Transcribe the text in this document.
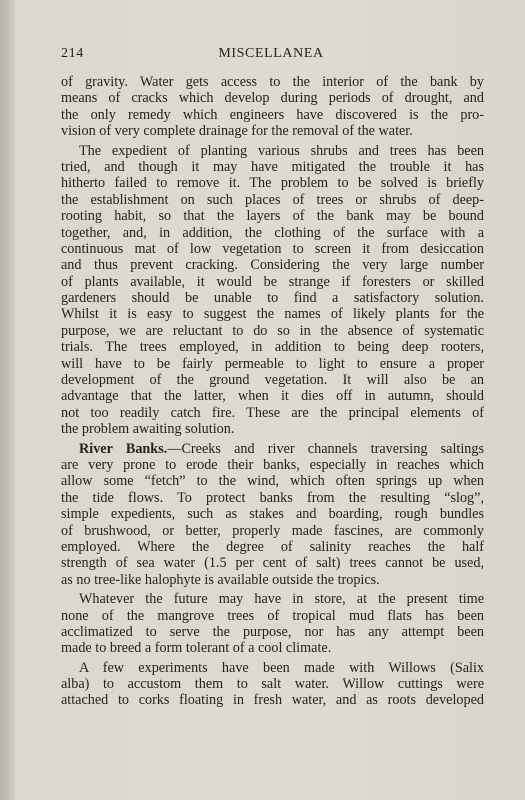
214	MISCELLANEA
of gravity. Water gets access to the interior of the bank by
means of cracks which develop during periods of drought, and
the only remedy which engineers have discovered is the pro-
vision of very complete drainage for the removal of the water.
The expedient of planting various shrubs and trees has been
tried, and though it may have mitigated the trouble it has
hitherto failed to remove it. The problem to be solved is briefly
the establishment on such places of trees or shrubs of deep-
rooting habit, so that the layers of the bank may be bound
together, and, in addition, the clothing of the surface with a
continuous mat of low vegetation to screen it from desiccation
and thus prevent cracking. Considering the very large number
of plants available, it would be strange if foresters or skilled
gardeners should be unable to find a satisfactory solution.
Whilst it is easy to suggest the names of likely plants for the
purpose, we are reluctant to do so in the absence of systematic
trials. The trees employed, in addition to being deep rooters,
will have to be fairly permeable to light to ensure a proper
development of the ground vegetation. It will also be an
advantage that the latter, when it dies off in autumn, should
not too readily catch fire. These are the principal elements of
the problem awaiting solution.
River Banks.—Creeks and river channels traversing saltings
are very prone to erode their banks, especially in reaches which
allow some “fetch” to the wind, which often springs up when
the tide flows. To protect banks from the resulting “slog”,
simple expedients, such as stakes and boarding, rough bundles
of brushwood, or better, properly made fascines, are commonly
employed. Where the degree of salinity reaches the half
strength of sea water (1.5 per cent of salt) trees cannot be used,
as no tree-like halophyte is available outside the tropics.
Whatever the future may have in store, at the present time
none of the mangrove trees of tropical mud flats has been
acclimatized to serve the purpose, nor has any attempt been
made to breed a form tolerant of a cool climate.
A few experiments have been made with Willows (Salix
alba) to accustom them to salt water. Willow cuttings were
attached to corks floating in fresh water, and as roots developed
